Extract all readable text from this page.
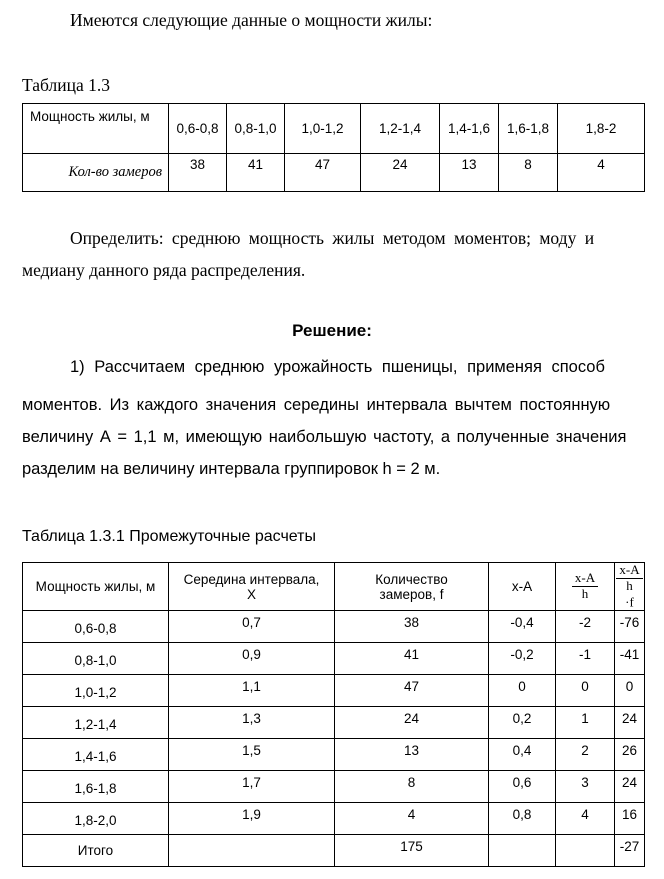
Имеются следующие данные о мощности жилы:

Таблица 1.3

Мощность жилы, м	0,6-0,8	0,8-1,0	1,0-1,2	1,2-1,4	1,4-1,6	1,6-1,8	1,8-2
Кол-во замеров	38	41	47	24	13	8	4

Определить: среднюю мощность жилы методом моментов; моду и

медиану данного ряда распределения.

Решение:

1) Рассчитаем среднюю урожайность пшеницы, применяя способ

моментов. Из каждого значения середины интервала вычтем постоянную

величину А = 1,1 м, имеющую наибольшую частоту, а полученные значения

разделим на величину интервала группировок h = 2 м.

Таблица 1.3.1 Промежуточные расчеты

Мощность жилы, м	Середина интервала, Х	Количество замеров, f	x-A	$\frac{x-A}{h}$	$\frac{x-A}{h}$
·f
0,6-0,8	0,7	38	-0,4	-2	-76
0,8-1,0	0,9	41	-0,2	-1	-41
1,0-1,2	1,1	47	0	0	0
1,2-1,4	1,3	24	0,2	1	24
1,4-1,6	1,5	13	0,4	2	26
1,6-1,8	1,7	8	0,6	3	24
1,8-2,0	1,9	4	0,8	4	16
Итого		175			-27
